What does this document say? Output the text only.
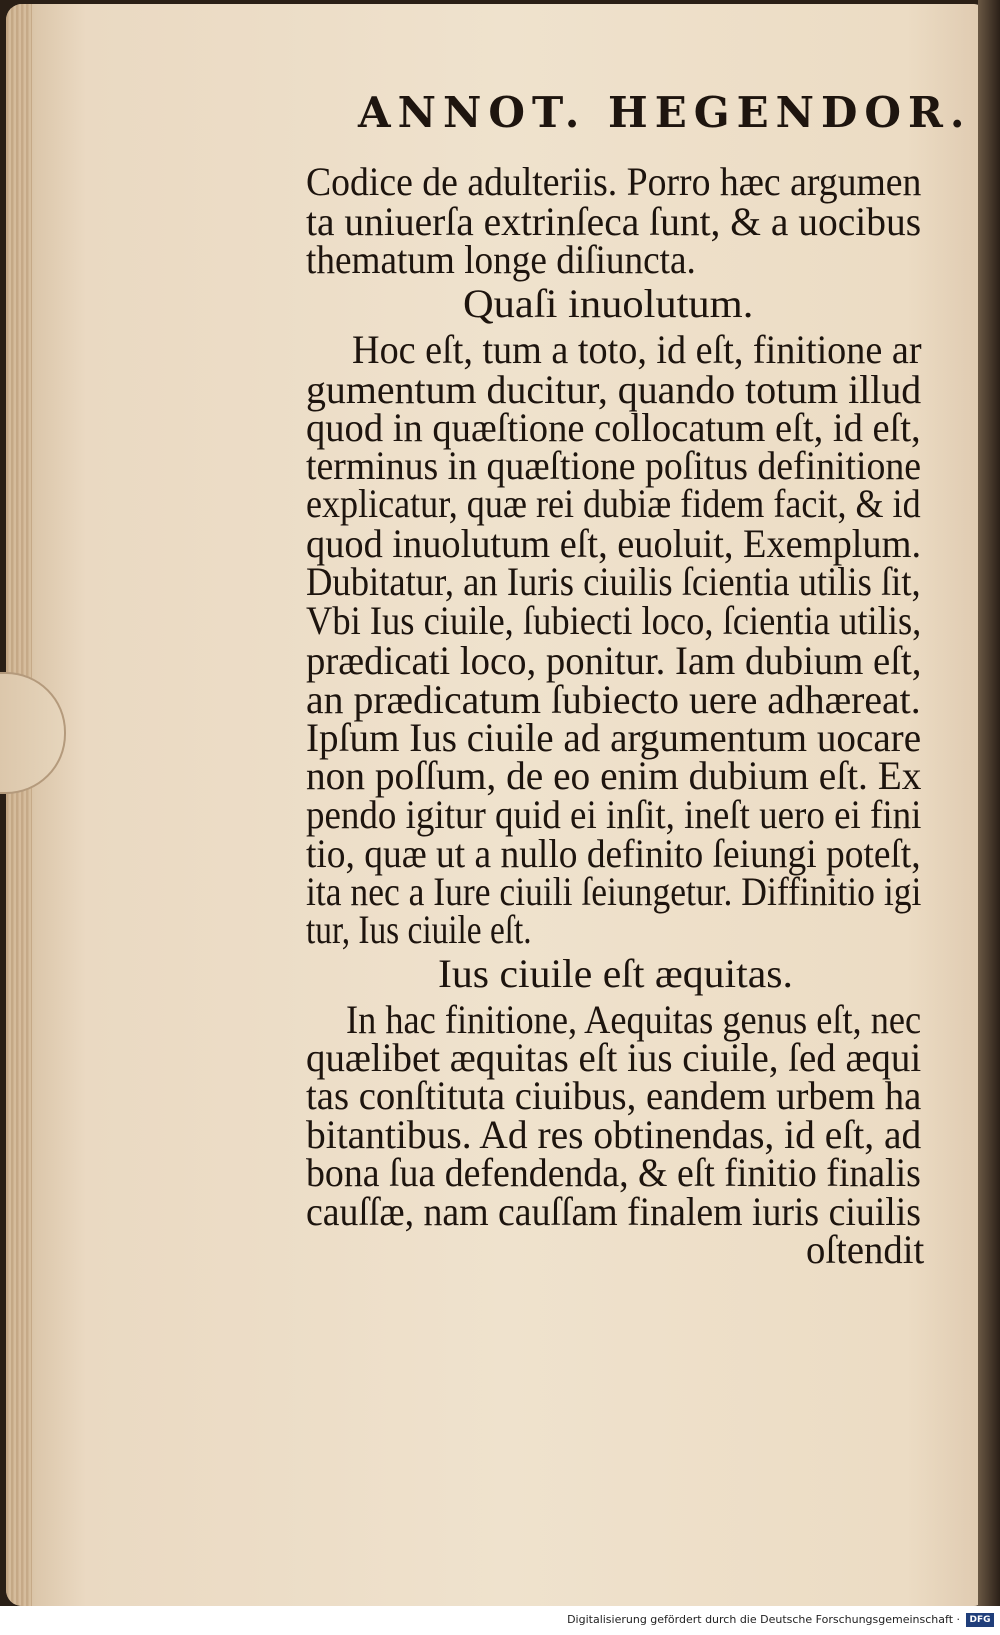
ANNOT. HEGENDOR.
Codice de adulteriis. Porro hæc argumen
ta uniuerſa extrinſeca ſunt, & a uocibus
thematum longe diſiuncta.
Quaſi inuolutum.
Hoc eſt, tum a toto, id eſt, finitione ar
gumentum ducitur, quando totum illud
quod in quæſtione collocatum eſt, id eſt,
terminus in quæſtione poſitus definitione
explicatur, quæ rei dubiæ fidem facit, & id
quod inuolutum eſt, euoluit, Exemplum.
Dubitatur, an Iuris ciuilis ſcientia utilis ſit,
Vbi Ius ciuile, ſubiecti loco, ſcientia utilis,
prædicati loco, ponitur. Iam dubium eſt,
an prædicatum ſubiecto uere adhæreat.
Ipſum Ius ciuile ad argumentum uocare
non poſſum, de eo enim dubium eſt. Ex
pendo igitur quid ei inſit, ineſt uero ei fini
tio, quæ ut a nullo definito ſeiungi poteſt,
ita nec a Iure ciuili ſeiungetur. Diffinitio igi
tur, Ius ciuile eſt.
Ius ciuile eſt æquitas.
In hac finitione, Aequitas genus eſt, nec
quælibet æquitas eſt ius ciuile, ſed æqui
tas conſtituta ciuibus, eandem urbem ha
bitantibus. Ad res obtinendas, id eſt, ad
bona ſua defendenda, & eſt finitio finalis
cauſſæ, nam cauſſam finalem iuris ciuilis
oſtendit
Digitalisierung gefördert durch die Deutsche Forschungsgemeinschaft ·	DFG
